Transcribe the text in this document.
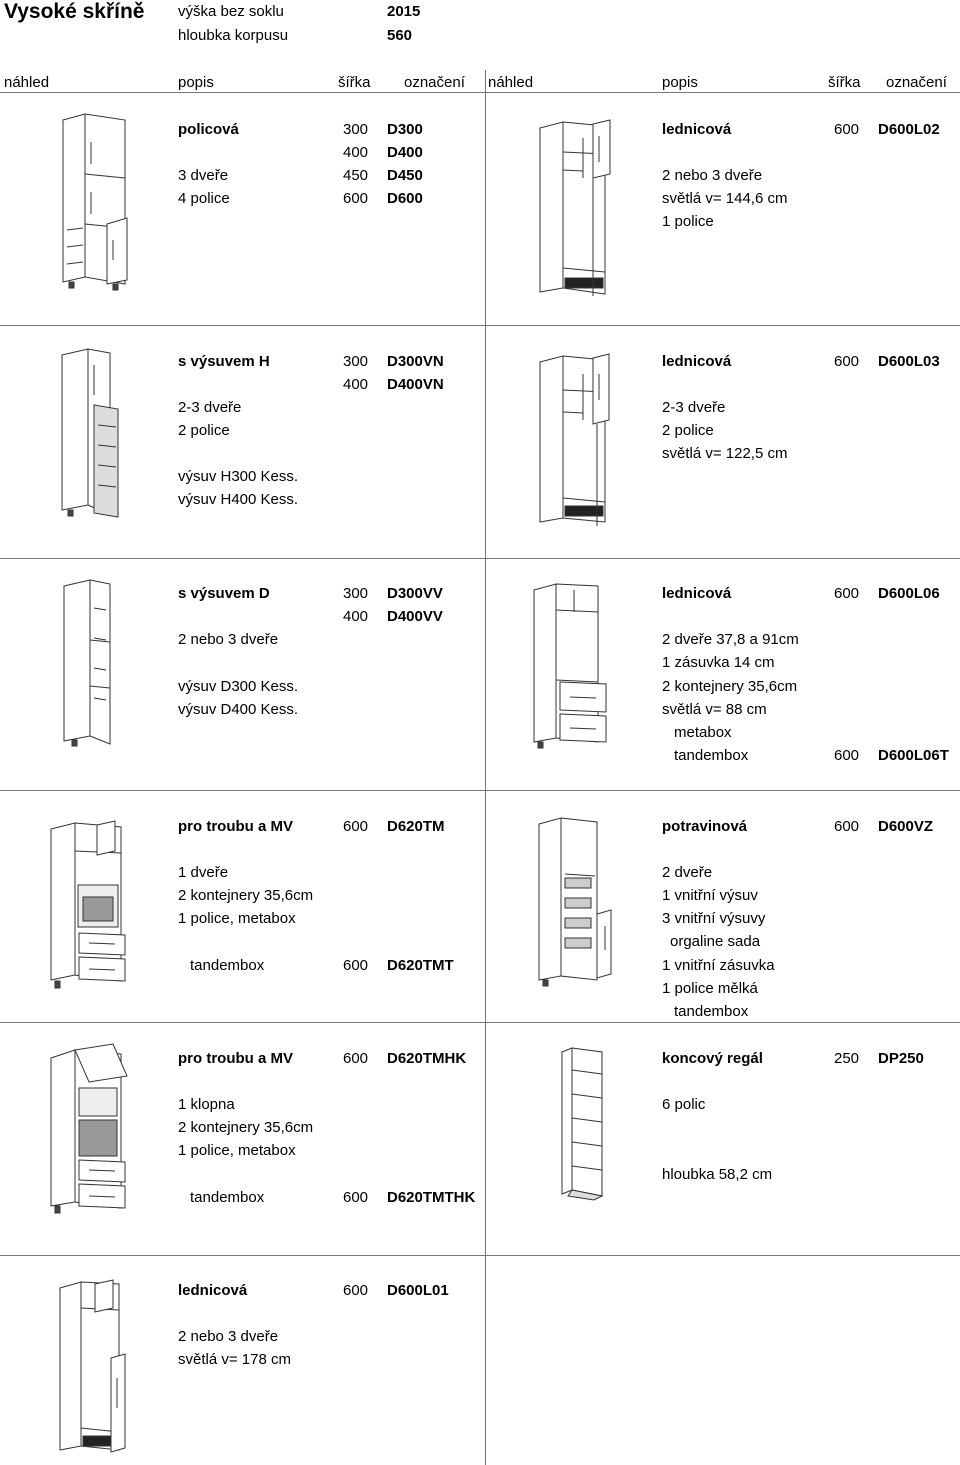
Vysoké skříně výška bez soklu	2015
hloubka korpusu	560
náhled	popis	šířka označení náhled	popis	šířka označení
policová	300 D300
400 D400
3 dveře	450 D450
4 police	600 D600
lednicová	600 D600L02
2 nebo 3 dveře
světlá v= 144,6 cm
1 police
s výsuvem H	300 D300VN
400 D400VN
2-3 dveře
2 police
výsuv H300 Kess.
výsuv H400 Kess.
lednicová	600 D600L03
2-3 dveře
2 police
světlá v= 122,5 cm
s výsuvem D	300 D300VV
400 D400VV
2 nebo 3 dveře
výsuv D300 Kess.
výsuv D400 Kess.
lednicová	600 D600L06
2 dveře 37,8 a 91cm
1 zásuvka 14 cm
2 kontejnery 35,6cm
světlá v= 88 cm
metabox
tandembox	600 D600L06T
pro troubu a MV	600 D620TM
1 dveře
2 kontejnery 35,6cm
1 police, metabox
tandembox	600 D620TMT
potravinová	600 D600VZ
2 dveře
1 vnitřní výsuv
3 vnitřní výsuvy
orgaline sada
1 vnitřní zásuvka
1 police mělká
tandembox
pro troubu a MV	600 D620TMHK
1 klopna
2 kontejnery 35,6cm
1 police, metabox
tandembox	600 D620TMTHK
koncový regál	250 DP250
6 polic
hloubka 58,2 cm
lednicová	600 D600L01
2 nebo 3 dveře
světlá v= 178 cm
